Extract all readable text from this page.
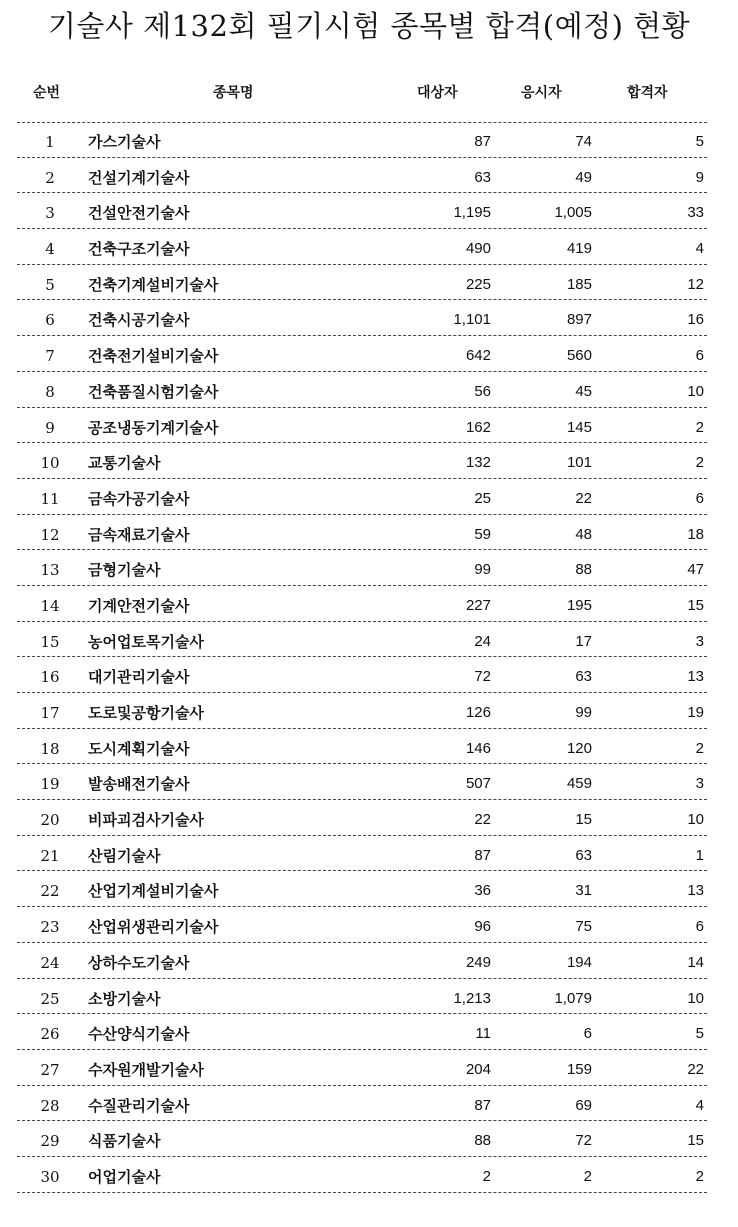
기술사 제132회 필기시험 종목별 합격(예정) 현황
순번	종목명	대상자	응시자	합격자
1	가스기술사	87	74	5
2	건설기계기술사	63	49	9
3	건설안전기술사	1,195	1,005	33
4	건축구조기술사	490	419	4
5	건축기계설비기술사	225	185	12
6	건축시공기술사	1,101	897	16
7	건축전기설비기술사	642	560	6
8	건축품질시험기술사	56	45	10
9	공조냉동기계기술사	162	145	2
10 교통기술사	132	101	2
11 금속가공기술사	25	22	6
12 금속재료기술사	59	48	18
13 금형기술사	99	88	47
14 기계안전기술사	227	195	15
15 농어업토목기술사	24	17	3
16 대기관리기술사	72	63	13
17 도로및공항기술사	126	99	19
18 도시계획기술사	146	120	2
19 발송배전기술사	507	459	3
20 비파괴검사기술사	22	15	10
21 산림기술사	87	63	1
22 산업기계설비기술사	36	31	13
23 산업위생관리기술사	96	75	6
24 상하수도기술사	249	194	14
25 소방기술사	1,213	1,079	10
26 수산양식기술사	11	6	5
27 수자원개발기술사	204	159	22
28 수질관리기술사	87	69	4
29 식품기술사	88	72	15
30 어업기술사	2	2	2
